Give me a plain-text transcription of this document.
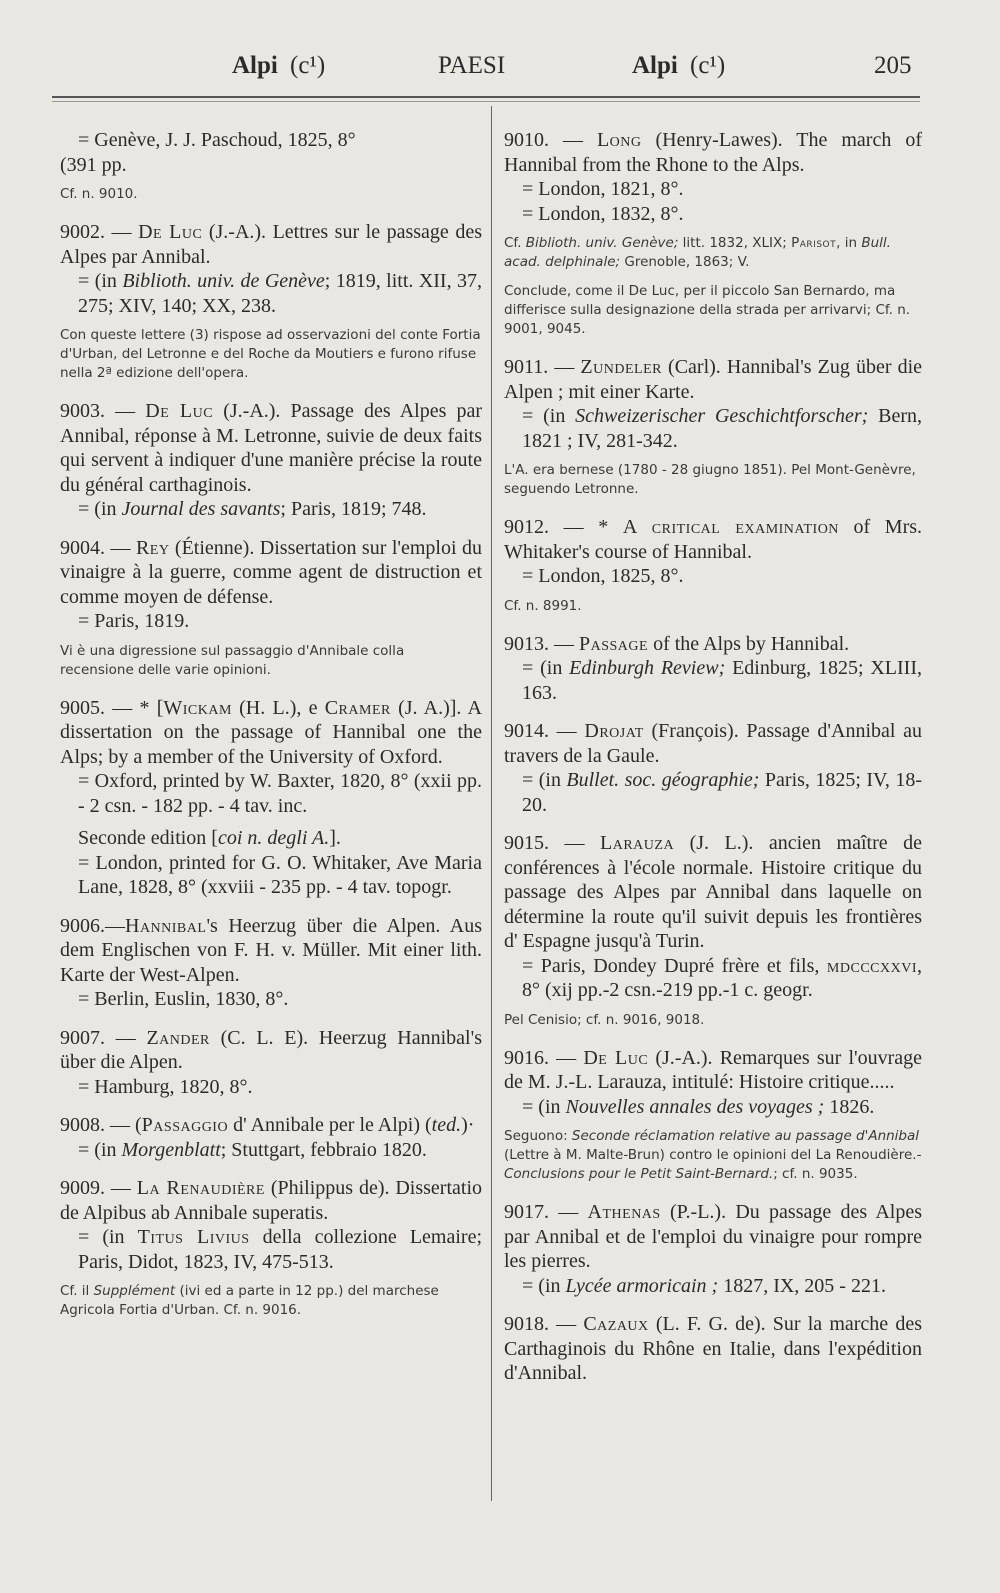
Alpi (c¹)	PAESI	Alpi (c¹)	205
= Genève, J. J. Paschoud, 1825, 8°
(391 pp.
Cf. n. 9010.
9002. — De Luc (J.-A.). Lettres sur le passage des Alpes par Annibal.
= (in Biblioth. univ. de Genève; 1819, litt. XII, 37, 275; XIV, 140; XX, 238.
Con queste lettere (3) rispose ad osservazioni del conte Fortia d'Urban, del Letronne e del Roche da Moutiers e furono rifuse nella 2ª edizione dell'opera.
9003. — De Luc (J.-A.). Passage des Alpes par Annibal, réponse à M. Letronne, suivie de deux faits qui servent à indiquer d'une manière précise la route du général carthaginois.
= (in Journal des savants; Paris, 1819; 748.
9004. — Rey (Étienne). Dissertation sur l'emploi du vinaigre à la guerre, comme agent de distruction et comme moyen de défense.
= Paris, 1819.
Vi è una digressione sul passaggio d'Annibale colla recensione delle varie opinioni.
9005. — * [Wickam (H. L.), e Cramer (J. A.)]. A dissertation on the passage of Hannibal one the Alps; by a member of the University of Oxford.
= Oxford, printed by W. Baxter, 1820, 8° (xxii pp. - 2 csn. - 182 pp. - 4 tav. inc.
Seconde edition [coi n. degli A.].
= London, printed for G. O. Whitaker, Ave Maria Lane, 1828, 8° (xxviii - 235 pp. - 4 tav. topogr.
9006.—Hannibal's Heerzug über die Alpen. Aus dem Englischen von F. H. v. Müller. Mit einer lith. Karte der West-Alpen.
= Berlin, Euslin, 1830, 8°.
9007. — Zander (C. L. E). Heerzug Hannibal's über die Alpen.
= Hamburg, 1820, 8°.
9008. — (Passaggio d' Annibale per le Alpi) (ted.)·
= (in Morgenblatt; Stuttgart, febbraio 1820.
9009. — La Renaudière (Philippus de). Dissertatio de Alpibus ab Annibale superatis.
= (in Titus Livius della collezione Lemaire; Paris, Didot, 1823, IV, 475-513.
Cf. il Supplément (ivi ed a parte in 12 pp.) del marchese Agricola Fortia d'Urban. Cf. n. 9016.
9010. — Long (Henry-Lawes). The march of Hannibal from the Rhone to the Alps.
= London, 1821, 8°.
= London, 1832, 8°.
Cf. Biblioth. univ. Genève; litt. 1832, XLIX; Parisot, in Bull. acad. delphinale; Grenoble, 1863; V.
Conclude, come il De Luc, per il piccolo San Bernardo, ma differisce sulla designazione della strada per arrivarvi; Cf. n. 9001, 9045.
9011. — Zundeler (Carl). Hannibal's Zug über die Alpen ; mit einer Karte.
= (in Schweizerischer Geschichtforscher; Bern, 1821 ; IV, 281-342.
L'A. era bernese (1780 - 28 giugno 1851). Pel Mont-Genèvre, seguendo Letronne.
9012. — * A critical examination of Mrs. Whitaker's course of Hannibal.
= London, 1825, 8°.
Cf. n. 8991.
9013. — Passage of the Alps by Hannibal.
= (in Edinburgh Review; Edinburg, 1825; XLIII, 163.
9014. — Drojat (François). Passage d'Annibal au travers de la Gaule.
= (in Bullet. soc. géographie; Paris, 1825; IV, 18-20.
9015. — Larauza (J. L.). ancien maître de conférences à l'école normale. Histoire critique du passage des Alpes par Annibal dans laquelle on détermine la route qu'il suivit depuis les frontières d' Espagne jusqu'à Turin.
= Paris, Dondey Dupré frère et fils, mdcccxxvi, 8° (xij pp.-2 csn.-219 pp.-1 c. geogr.
Pel Cenisio; cf. n. 9016, 9018.
9016. — De Luc (J.-A.). Remarques sur l'ouvrage de M. J.-L. Larauza, intitulé: Histoire critique.....
= (in Nouvelles annales des voyages ; 1826.
Seguono: Seconde réclamation relative au passage d'Annibal (Lettre à M. Malte-Brun) contro le opinioni del La Renoudière.-Conclusions pour le Petit Saint-Bernard.; cf. n. 9035.
9017. — Athenas (P.-L.). Du passage des Alpes par Annibal et de l'emploi du vinaigre pour rompre les pierres.
= (in Lycée armoricain ; 1827, IX, 205 - 221.
9018. — Cazaux (L. F. G. de). Sur la marche des Carthaginois du Rhône en Italie, dans l'expédition d'Annibal.
